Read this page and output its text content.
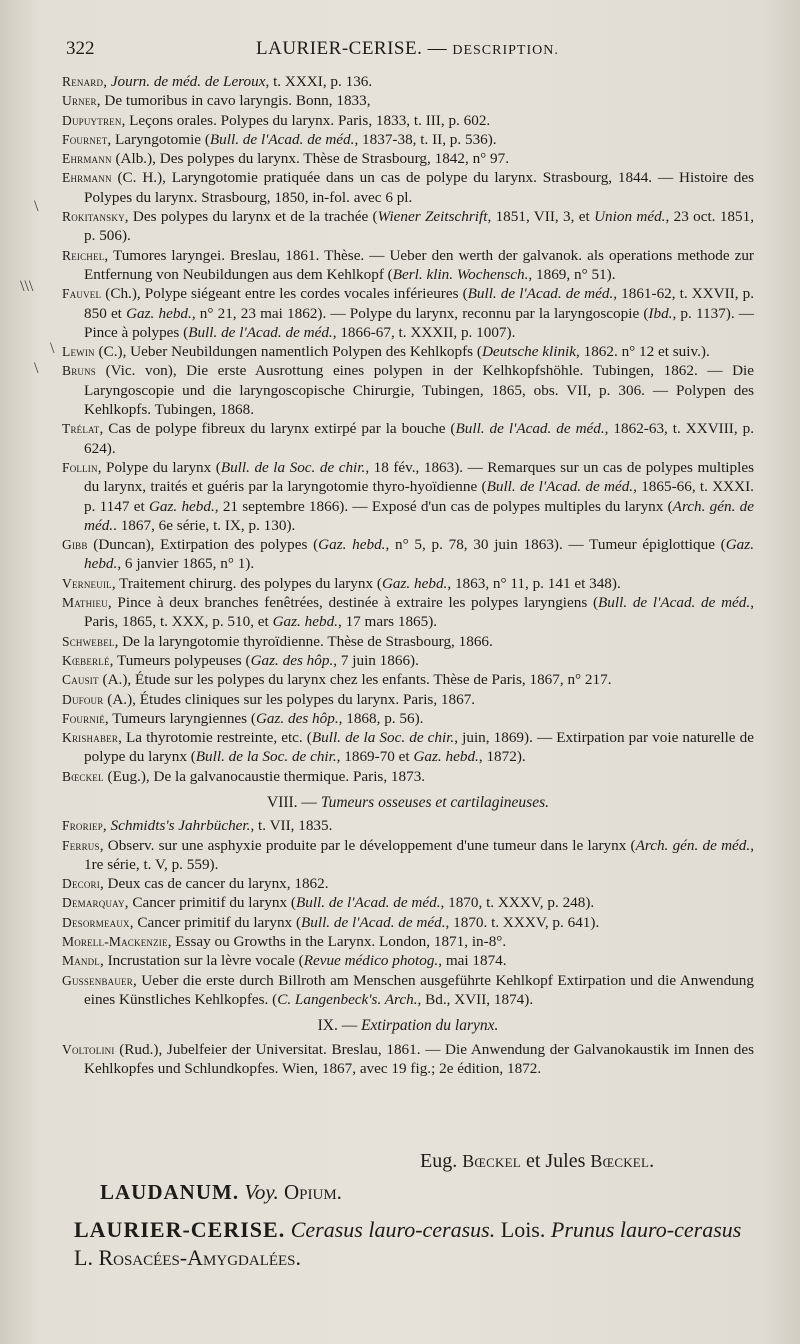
322	LAURIER-CERISE. — DESCRIPTION.
\
\\\
\
\

Renard, Journ. de méd. de Leroux, t. XXXI, p. 136.

Urner, De tumoribus in cavo laryngis. Bonn, 1833,

Dupuytren, Leçons orales. Polypes du larynx. Paris, 1833, t. III, p. 602.

Fournet, Laryngotomie (Bull. de l'Acad. de méd., 1837-38, t. II, p. 536).

Ehrmann (Alb.), Des polypes du larynx. Thèse de Strasbourg, 1842, n° 97.

Ehrmann (C. H.), Laryngotomie pratiquée dans un cas de polype du larynx. Strasbourg, 1844. — Histoire des Polypes du larynx. Strasbourg, 1850, in-fol. avec 6 pl.

Rokitansky, Des polypes du larynx et de la trachée (Wiener Zeitschrift, 1851, VII, 3, et Union méd., 23 oct. 1851, p. 506).

Reichel, Tumores laryngei. Breslau, 1861. Thèse. — Ueber den werth der galvanok. als operations methode zur Entfernung von Neubildungen aus dem Kehlkopf (Berl. klin. Wochensch., 1869, n° 51).

Fauvel (Ch.), Polype siégeant entre les cordes vocales inférieures (Bull. de l'Acad. de méd., 1861-62, t. XXVII, p. 850 et Gaz. hebd., n° 21, 23 mai 1862). — Polype du larynx, reconnu par la laryngoscopie (Ibd., p. 1137). — Pince à polypes (Bull. de l'Acad. de méd., 1866-67, t. XXXII, p. 1007).

Lewin (C.), Ueber Neubildungen namentlich Polypen des Kehlkopfs (Deutsche klinik, 1862. n° 12 et suiv.).

Bruns (Vic. von), Die erste Ausrottung eines polypen in der Kelhkopfshöhle. Tubingen, 1862. — Die Laryngoscopie und die laryngoscopische Chirurgie, Tubingen, 1865, obs. VII, p. 306. — Polypen des Kehlkopfs. Tubingen, 1868.

Trélat, Cas de polype fibreux du larynx extirpé par la bouche (Bull. de l'Acad. de méd., 1862-63, t. XXVIII, p. 624).

Follin, Polype du larynx (Bull. de la Soc. de chir., 18 fév., 1863). — Remarques sur un cas de polypes multiples du larynx, traités et guéris par la laryngotomie thyro-hyoïdienne (Bull. de l'Acad. de méd., 1865-66, t. XXXI. p. 1147 et Gaz. hebd., 21 septembre 1866). — Exposé d'un cas de polypes multiples du larynx (Arch. gén. de méd.. 1867, 6e série, t. IX, p. 130).

Gibb (Duncan), Extirpation des polypes (Gaz. hebd., n° 5, p. 78, 30 juin 1863). — Tumeur épiglottique (Gaz. hebd., 6 janvier 1865, n° 1).

Verneuil, Traitement chirurg. des polypes du larynx (Gaz. hebd., 1863, n° 11, p. 141 et 348).

Mathieu, Pince à deux branches fenêtrées, destinée à extraire les polypes laryngiens (Bull. de l'Acad. de méd., Paris, 1865, t. XXX, p. 510, et Gaz. hebd., 17 mars 1865).

Schwebel, De la laryngotomie thyroïdienne. Thèse de Strasbourg, 1866.

Kœberlé, Tumeurs polypeuses (Gaz. des hôp., 7 juin 1866).

Causit (A.), Étude sur les polypes du larynx chez les enfants. Thèse de Paris, 1867, n° 217.

Dufour (A.), Études cliniques sur les polypes du larynx. Paris, 1867.

Fournié, Tumeurs laryngiennes (Gaz. des hôp., 1868, p. 56).

Krishaber, La thyrotomie restreinte, etc. (Bull. de la Soc. de chir., juin, 1869). — Extirpation par voie naturelle de polype du larynx (Bull. de la Soc. de chir., 1869-70 et Gaz. hebd., 1872).

Bœckel (Eug.), De la galvanocaustie thermique. Paris, 1873.

VIII. — Tumeurs osseuses et cartilagineuses.

Froriep, Schmidts's Jahrbücher., t. VII, 1835.

Ferrus, Observ. sur une asphyxie produite par le développement d'une tumeur dans le larynx (Arch. gén. de méd., 1re série, t. V, p. 559).

Decori, Deux cas de cancer du larynx, 1862.

Demarquay, Cancer primitif du larynx (Bull. de l'Acad. de méd., 1870, t. XXXV, p. 248).

Desormeaux, Cancer primitif du larynx (Bull. de l'Acad. de méd., 1870. t. XXXV, p. 641).

Morell-Mackenzie, Essay ou Growths in the Larynx. London, 1871, in-8°.

Mandl, Incrustation sur la lèvre vocale (Revue médico photog., mai 1874.

Gussenbauer, Ueber die erste durch Billroth am Menschen ausgeführte Kehlkopf Extirpation und die Anwendung eines Künstliches Kehlkopfes. (C. Langenbeck's. Arch., Bd., XVII, 1874).

IX. — Extirpation du larynx.

Voltolini (Rud.), Jubelfeier der Universitat. Breslau, 1861. — Die Anwendung der Galvanokaustik im Innen des Kehlkopfes und Schlundkopfes. Wien, 1867, avec 19 fig.; 2e édition, 1872.

Eug. Bœckel et Jules Bœckel.
LAUDANUM. Voy. Opium.
LAURIER-CERISE. Cerasus lauro-cerasus. Lois. Prunus lauro-cerasus L. Rosacées-Amygdalées.
